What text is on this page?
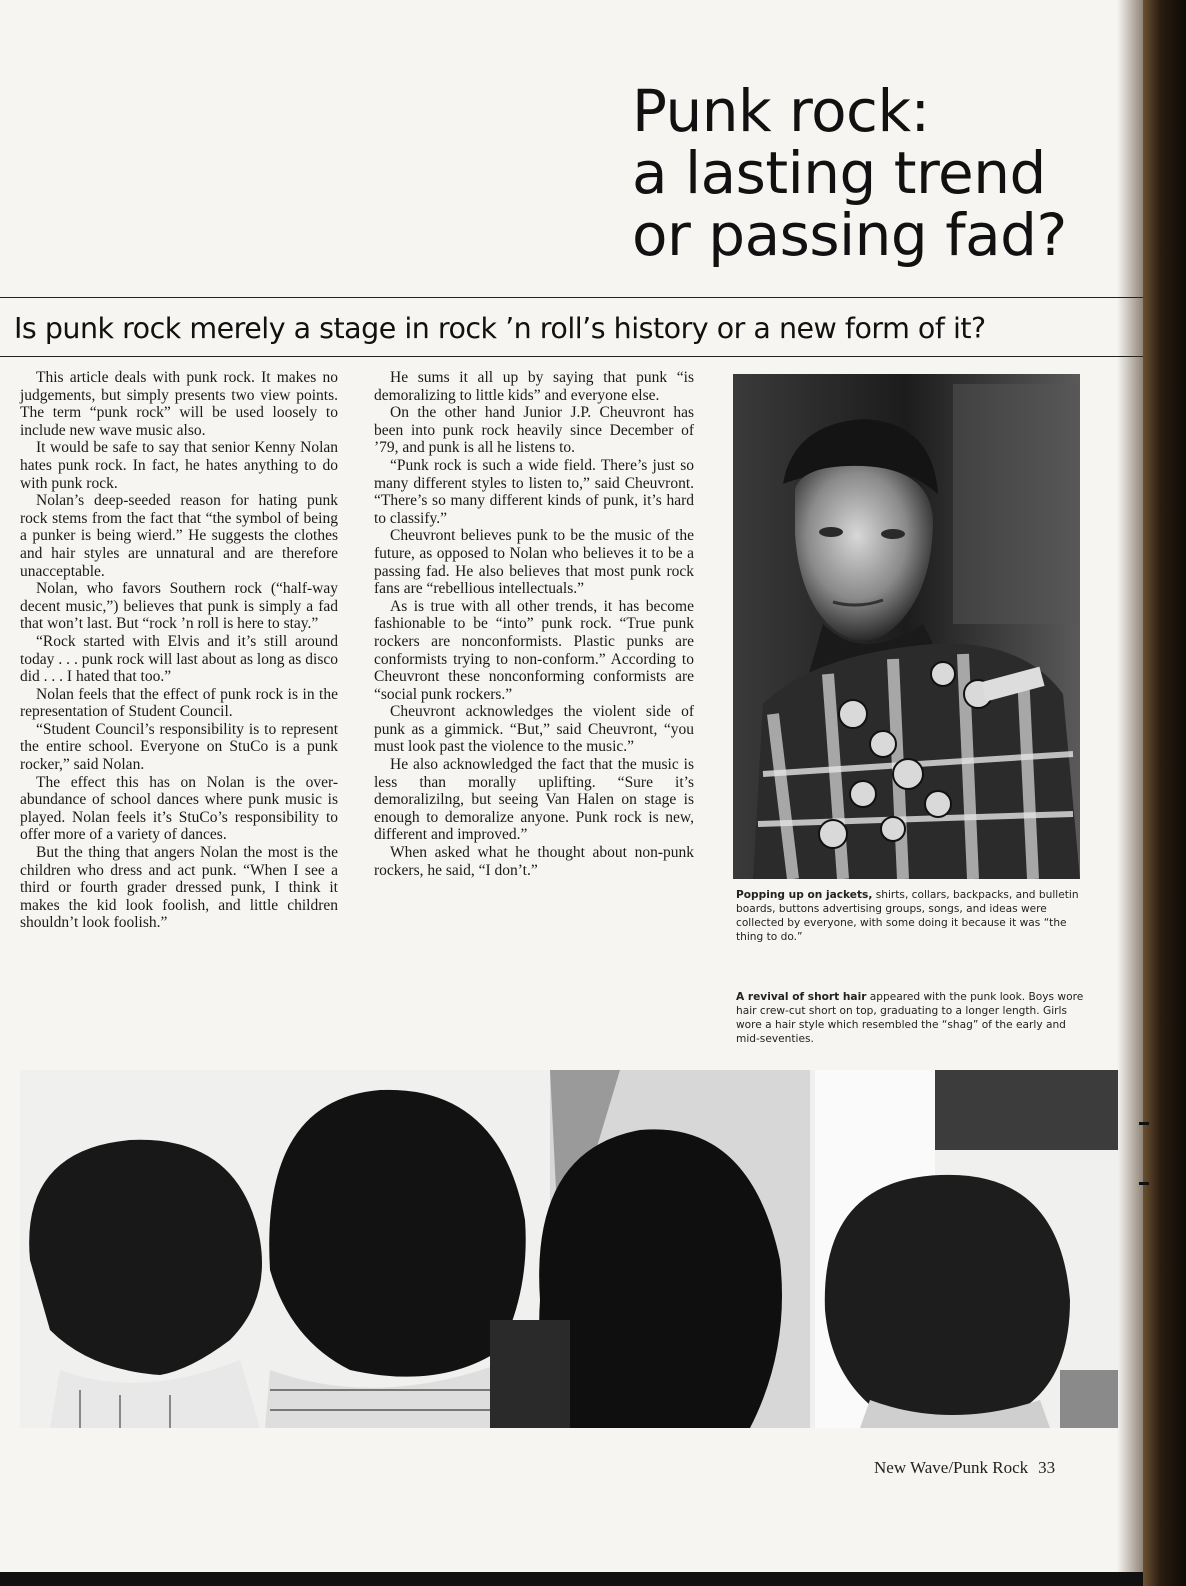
Punk rock:
a lasting trend
or passing fad?
Is punk rock merely a stage in rock ’n roll’s history or a new form of it?

This article deals with punk rock. It makes no judgements, but simply presents two view points. The term “punk rock” will be used loosely to include new wave music also.

It would be safe to say that senior Kenny Nolan hates punk rock. In fact, he hates anything to do with punk rock.

Nolan’s deep-seeded reason for hating punk rock stems from the fact that “the symbol of being a punker is being wierd.” He suggests the clothes and hair styles are unnatural and are therefore unacceptable.

Nolan, who favors Southern rock (“half-way decent music,”) believes that punk is simply a fad that won’t last. But “rock ’n roll is here to stay.”

“Rock started with Elvis and it’s still around today . . . punk rock will last about as long as disco did . . . I hated that too.”

Nolan feels that the effect of punk rock is in the representation of Student Council.

“Student Council’s responsibility is to represent the entire school. Everyone on StuCo is a punk rocker,” said Nolan.

The effect this has on Nolan is the over-abundance of school dances where punk music is played. Nolan feels it’s StuCo’s responsibility to offer more of a variety of dances.

But the thing that angers Nolan the most is the children who dress and act punk. “When I see a third or fourth grader dressed punk, I think it makes the kid look foolish, and little children shouldn’t look foolish.”

He sums it all up by saying that punk “is demoralizing to little kids” and everyone else.

On the other hand Junior J.P. Cheuvront has been into punk rock heavily since December of ’79, and punk is all he listens to.

“Punk rock is such a wide field. There’s just so many different styles to listen to,” said Cheuvront. “There’s so many different kinds of punk, it’s hard to classify.”

Cheuvront believes punk to be the music of the future, as opposed to Nolan who believes it to be a passing fad. He also believes that most punk rock fans are “rebellious intellectuals.”

As is true with all other trends, it has become fashionable to be “into” punk rock. “True punk rockers are nonconformists. Plastic punks are conformists trying to non-conform.” According to Cheuvront these nonconforming conformists are “social punk rockers.”

Cheuvront acknowledges the violent side of punk as a gimmick. “But,” said Cheuvront, “you must look past the violence to the music.”

He also acknowledged the fact that the music is less than morally uplifting. “Sure it’s demoralizilng, but seeing Van Halen on stage is enough to demoralize anyone. Punk rock is new, different and improved.”

When asked what he thought about non-punk rockers, he said, “I don’t.”

Popping up on jackets, shirts, collars, backpacks, and bulletin boards, buttons advertising groups, songs, and ideas were collected by everyone, with some doing it because it was “the thing to do.”
A revival of short hair appeared with the punk look. Boys wore hair crew-cut short on top, graduating to a longer length. Girls wore a hair style which resembled the “shag” of the early and mid-seventies.
New Wave/Punk Rock 33
